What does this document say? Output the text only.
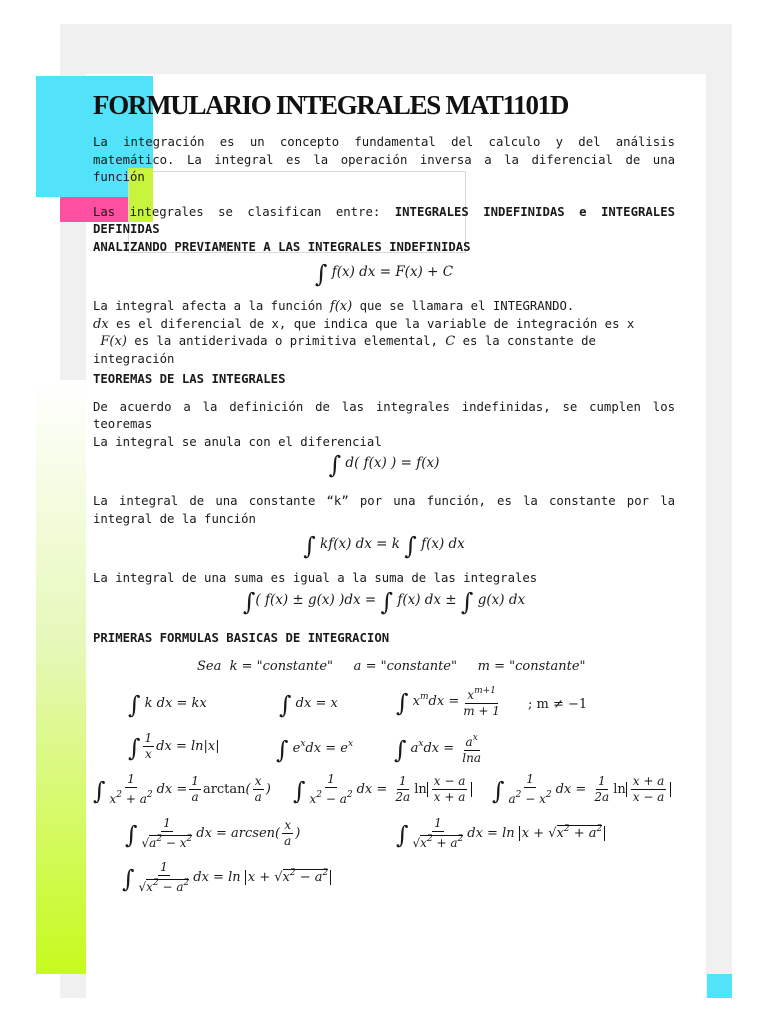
FORMULARIO INTEGRALES MAT1101D
La integración es un concepto fundamental del calculo y del análisis matemático. La integral es la operación inversa a la diferencial de una función
Las integrales se clasifican entre: INTEGRALES INDEFINIDAS e INTEGRALES DEFINIDAS
ANALIZANDO PREVIAMENTE A LAS INTEGRALES INDEFINIDAS
∫ f(x) dx = F(x) + C
La integral afecta a la función f(x) que se llamara el INTEGRANDO.
dx es el diferencial de x, que indica que la variable de integración es x
F(x) es la antiderivada o primitiva elemental, C es la constante de integración
TEOREMAS DE LAS INTEGRALES
De acuerdo a la definición de las integrales indefinidas, se cumplen los teoremas
La integral se anula con el diferencial
∫ d( f(x) ) = f(x)
La integral de una constante “k” por una función, es la constante por la integral de la función
∫ kf(x) dx = k ∫ f(x) dx
La integral de una suma es igual a la suma de las integrales
∫( f(x) ± g(x) )dx = ∫ f(x) dx ± ∫ g(x) dx
PRIMERAS FORMULAS BASICAS DE INTEGRACION
Sea  k = "constante"     a = "constante"     m = "constante"
∫ k dx = kx	∫ dx = x ∫ $x^mdx = \frac{x^{m+1}}{m + 1}$ ; m ≠ −1
∫ $\frac{1}{x}$ dx = ln|x| ∫ $e^xdx = e^x$ ∫ $a^xdx = \frac{a^x}{\ln a}$
∫ $\frac{1}{x^2 + a^2}$ dx = $\frac{1}{a} \arctan( \frac{x}{a}$ ) ∫ $\frac{1}{x^2 - a^2}$ dx = $\frac{1}{2a}$ $\ln \frac{x - a}{x + a}$ ∫ $\frac{1}{a^2 - x^2}$ dx = $\frac{1}{2a}$ $\ln \frac{x + a}{x - a}$
∫ $\frac{1}{√a^2 - x^2}$ dx = arcsen( $\frac{x}{a}$ )	∫ $\frac{1}{√x^2 + a^2}$ dx = $\ln x + √x^2 + a^2$
∫ $\frac{1}{√x^2 - a^2}$ dx = $\ln x + √x^2 - a^2$
